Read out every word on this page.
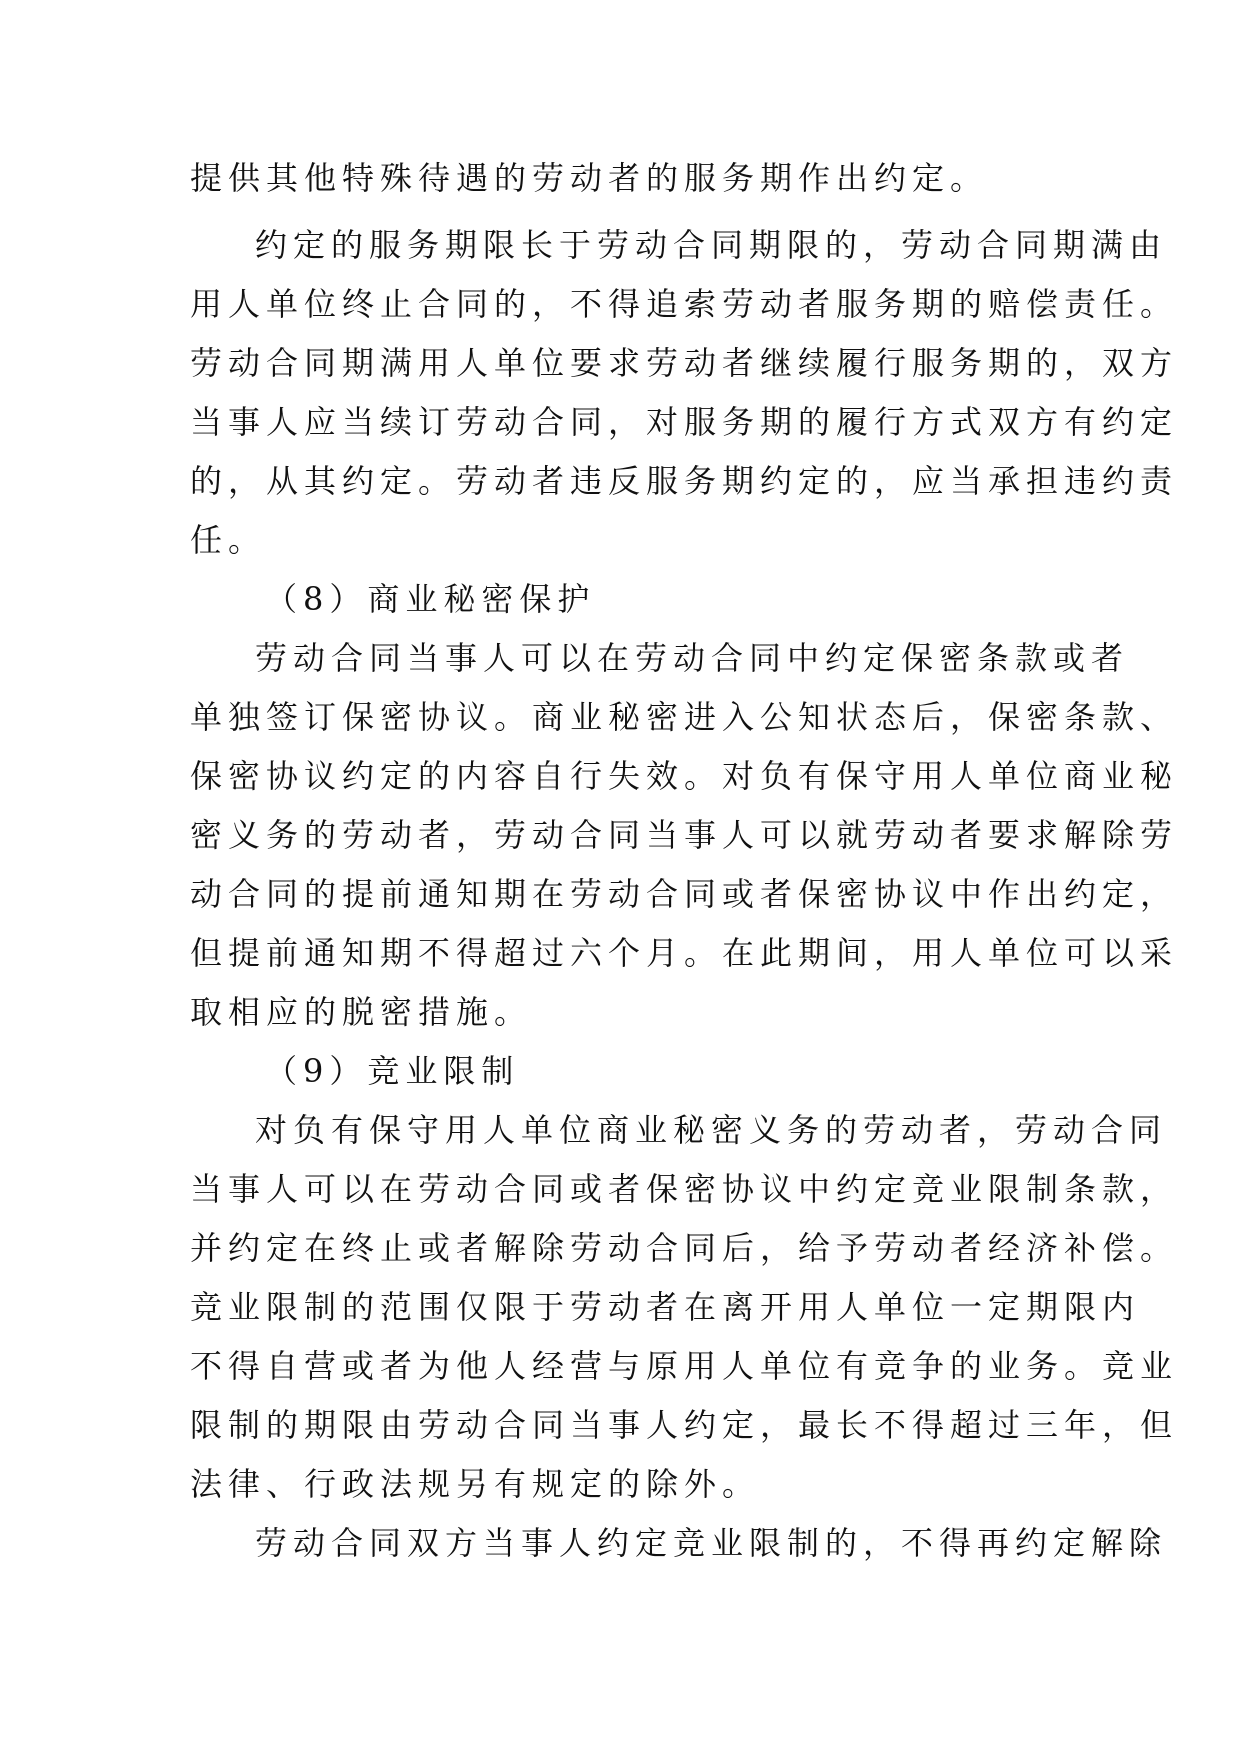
提供其他特殊待遇的劳动者的服务期作出约定。
约定的服务期限长于劳动合同期限的，劳动合同期满由
用人单位终止合同的，不得追索劳动者服务期的赔偿责任。
劳动合同期满用人单位要求劳动者继续履行服务期的，双方
当事人应当续订劳动合同，对服务期的履行方式双方有约定
的，从其约定。劳动者违反服务期约定的，应当承担违约责
任。
（8）商业秘密保护
劳动合同当事人可以在劳动合同中约定保密条款或者
单独签订保密协议。商业秘密进入公知状态后，保密条款、
保密协议约定的内容自行失效。对负有保守用人单位商业秘
密义务的劳动者，劳动合同当事人可以就劳动者要求解除劳
动合同的提前通知期在劳动合同或者保密协议中作出约定，
但提前通知期不得超过六个月。在此期间，用人单位可以采
取相应的脱密措施。
（9）竞业限制
对负有保守用人单位商业秘密义务的劳动者，劳动合同
当事人可以在劳动合同或者保密协议中约定竞业限制条款，
并约定在终止或者解除劳动合同后，给予劳动者经济补偿。
竞业限制的范围仅限于劳动者在离开用人单位一定期限内
不得自营或者为他人经营与原用人单位有竞争的业务。竞业
限制的期限由劳动合同当事人约定，最长不得超过三年，但
法律、行政法规另有规定的除外。
劳动合同双方当事人约定竞业限制的，不得再约定解除
